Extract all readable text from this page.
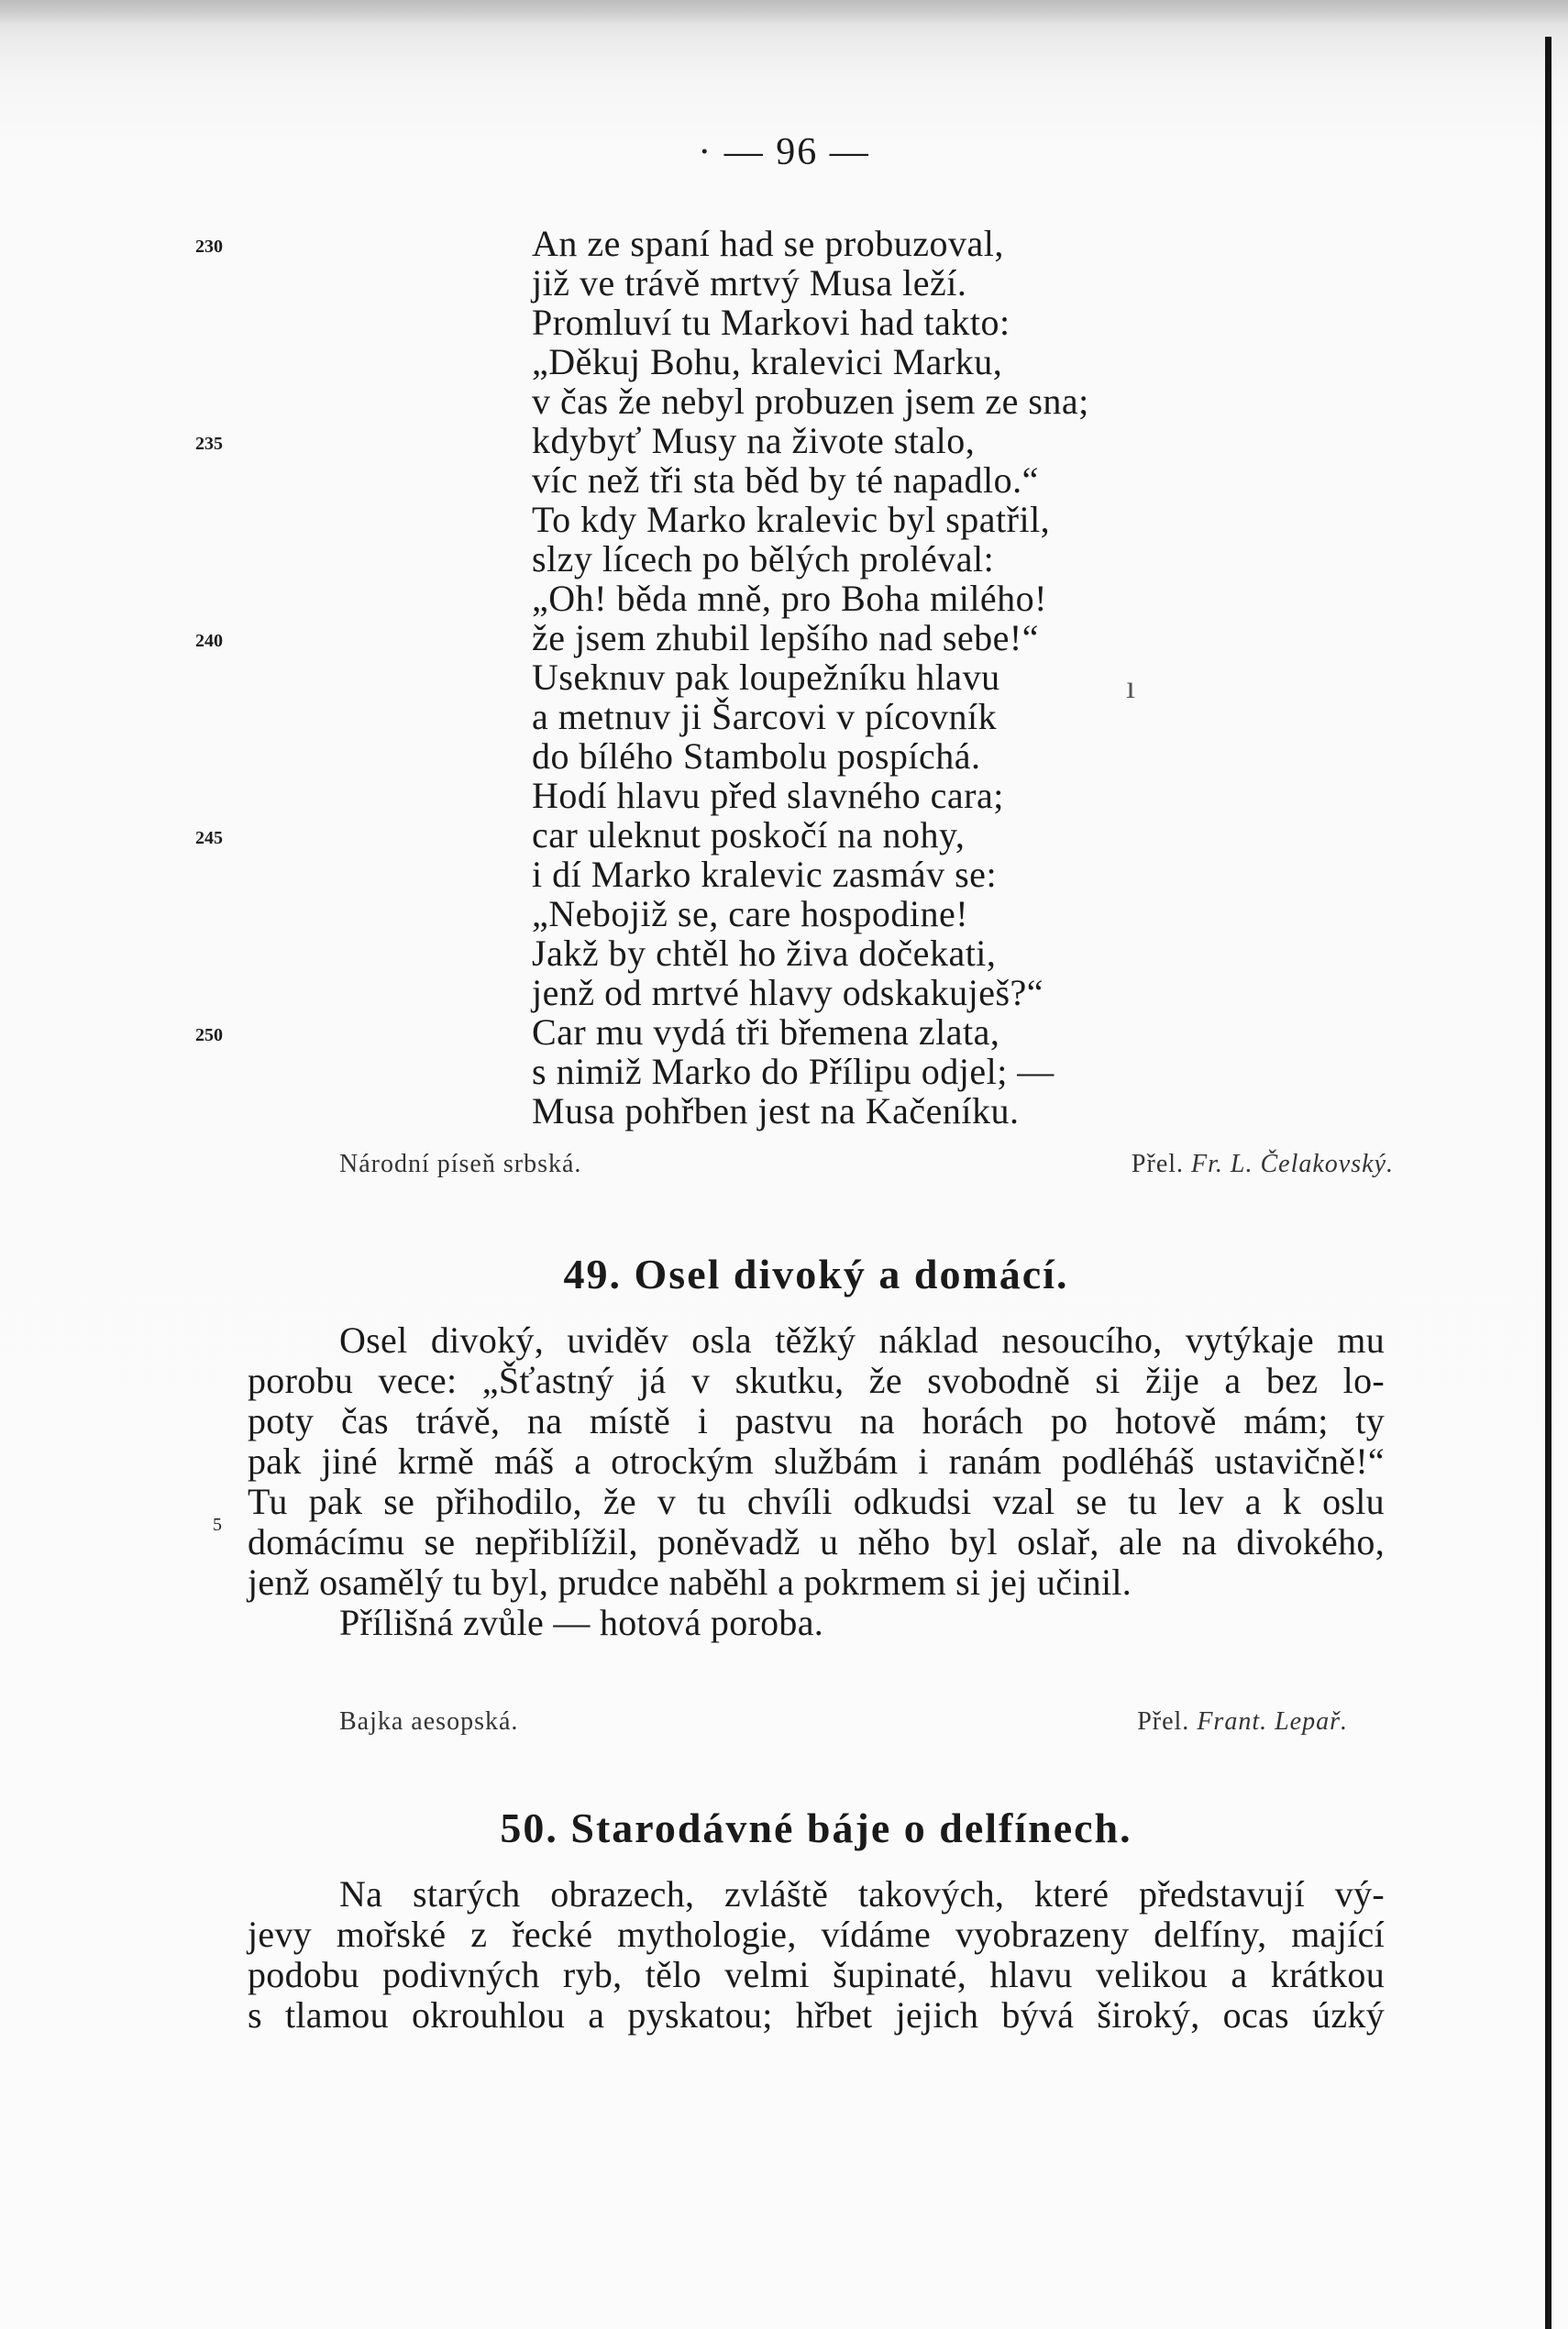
· — 96 —
230
235
240
245
250
An ze spaní had se probuzoval,
již ve trávě mrtvý Musa leží.
Promluví tu Markovi had takto:
„Děkuj Bohu, kralevici Marku,
v čas že nebyl probuzen jsem ze sna;
kdybyť Musy na živote stalo,
víc než tři sta běd by té napadlo.“
To kdy Marko kralevic byl spatřil,
slzy lícech po bělých proléval:
„Oh! běda mně, pro Boha milého!
že jsem zhubil lepšího nad sebe!“
Useknuv pak loupežníku hlavu
a metnuv ji Šarcovi v pícovník
do bílého Stambolu pospíchá.
Hodí hlavu před slavného cara;
car uleknut poskočí na nohy,
i dí Marko kralevic zasmáv se:
„Nebojiž se, care hospodine!
Jakž by chtěl ho živa dočekati,
jenž od mrtvé hlavy odskakuješ?“
Car mu vydá tři břemena zlata,
s nimiž Marko do Přílipu odjel; —
Musa pohřben jest na Kačeníku.
ı
Národní píseň srbská.	Přel. Fr. L. Čelakovský.
49. Osel divoký a domácí.
5
Osel divoký, uviděv osla těžký náklad nesoucího, vytýkaje mu
porobu vece: „Šťastný já v skutku, že svobodně si žije a bez lo-
poty čas trávě, na místě i pastvu na horách po hotově mám; ty
pak jiné krmě máš a otrockým službám i ranám podléháš ustavičně!“
Tu pak se přihodilo, že v tu chvíli odkudsi vzal se tu lev a k oslu
domácímu se nepřiblížil, poněvadž u něho byl oslař, ale na divokého,
jenž osamělý tu byl, prudce naběhl a pokrmem si jej učinil.
Přílišná zvůle — hotová poroba.
Bajka aesopská.	Přel. Frant. Lepař.
50. Starodávné báje o delfínech.
Na starých obrazech, zvláště takových, které představují vý-
jevy mořské z řecké mythologie, vídáme vyobrazeny delfíny, mající
podobu podivných ryb, tělo velmi šupinaté, hlavu velikou a krátkou
s tlamou okrouhlou a pyskatou; hřbet jejich bývá široký, ocas úzký
